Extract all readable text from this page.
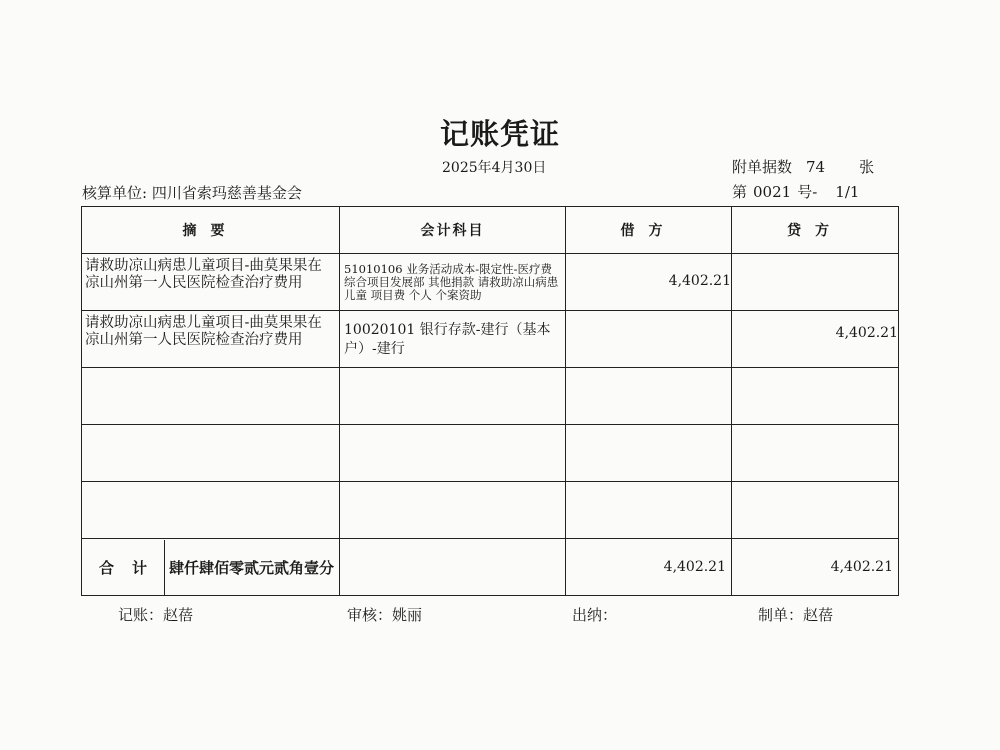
记账凭证
2025年4月30日	附单据数 74 张
核算单位: 四川省索玛慈善基金会	第 0021 号- 1/1
摘要	会计科目	借方	贷方

请救助凉山病患儿童项目-曲莫果果在凉山州第一人民医院检查治疗费用	51010106 业务活动成本-限定性-医疗费 综合项目发展部 其他捐款 请救助凉山病患儿童 项目费 个人 个案资助	4,402.21	

请救助凉山病患儿童项目-曲莫果果在凉山州第一人民医院检查治疗费用	10020101 银行存款-建行（基本户）-建行		4,402.21

合 计 肆仟肆佰零贰元贰角壹分		4,402.21	4,402.21
记账：赵蓓	审核：姚丽	出纳：	制单：赵蓓
